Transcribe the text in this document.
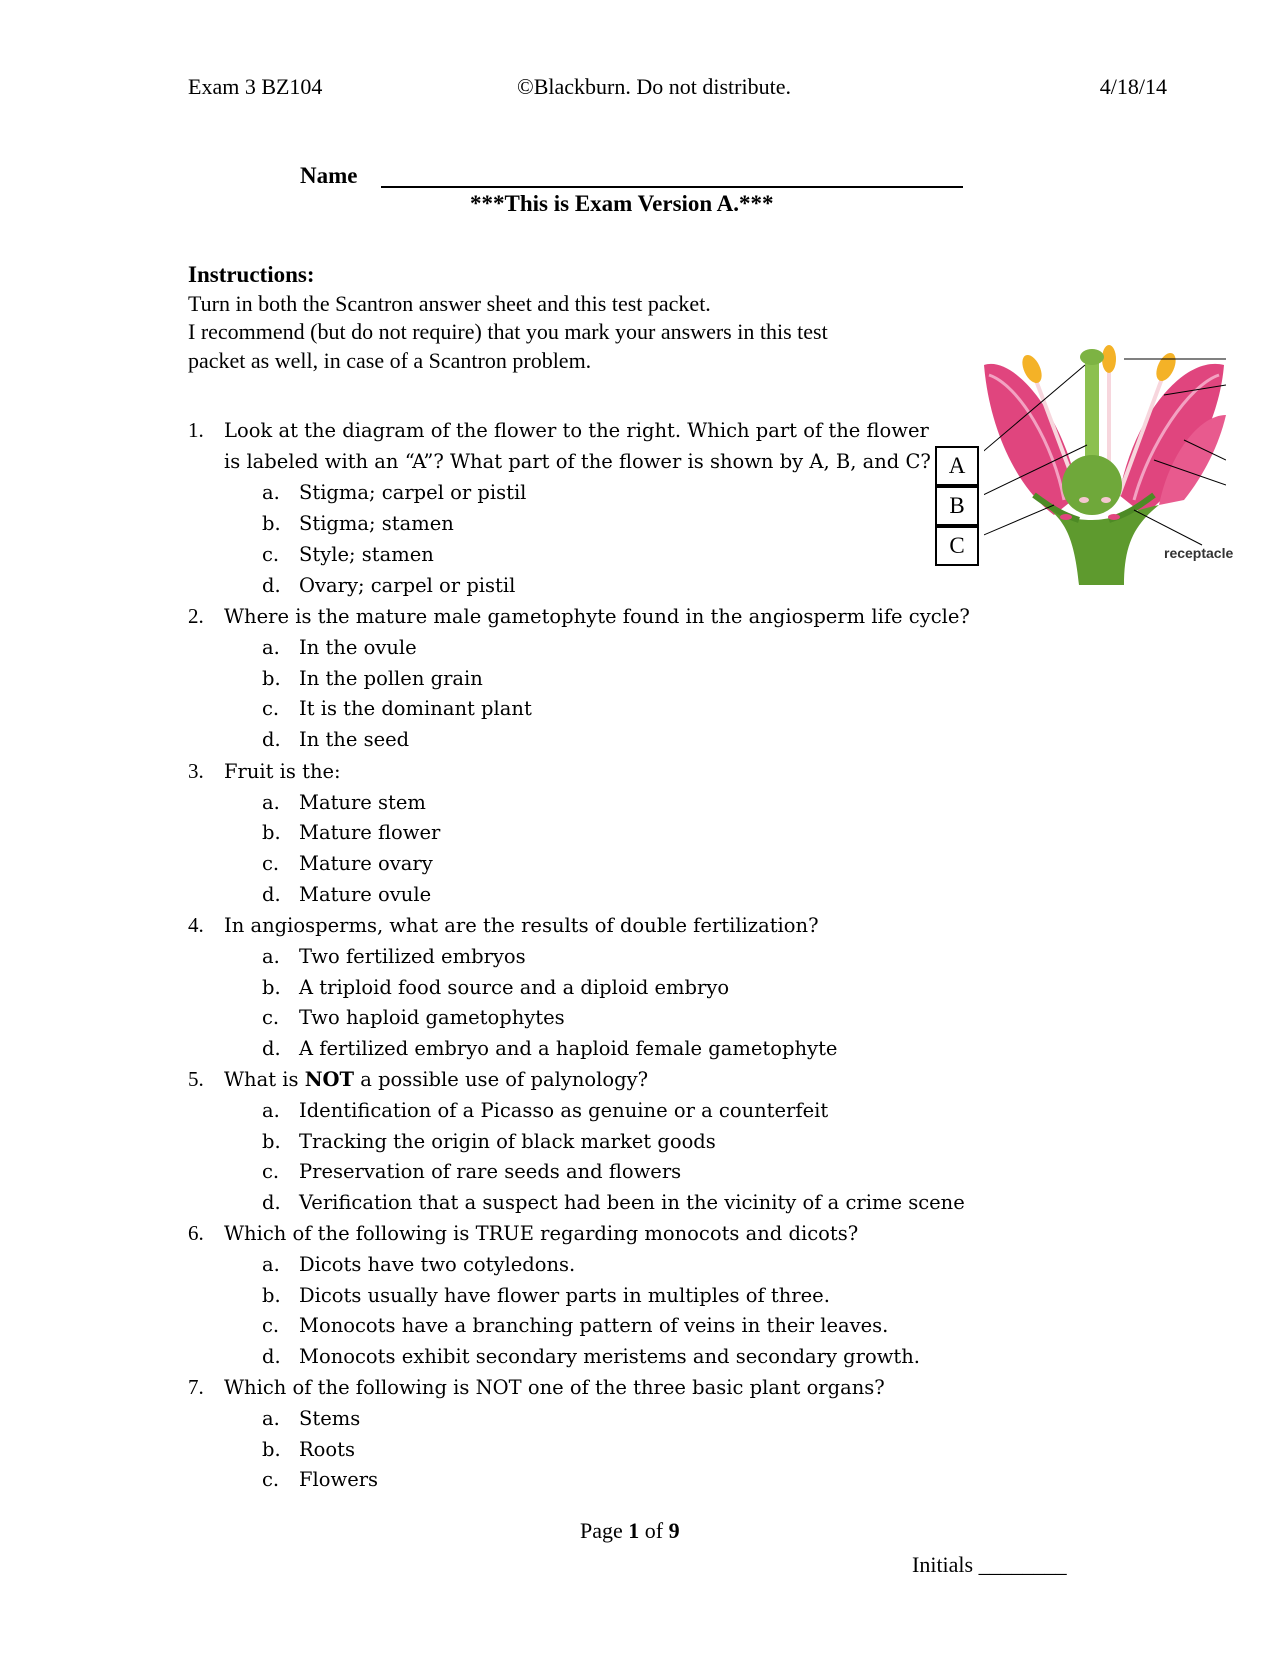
Exam 3 BZ104	©Blackburn. Do not distribute.	4/18/14
Name
***This is Exam Version A.***
Instructions:
Turn in both the Scantron answer sheet and this test packet.
I recommend (but do not require) that you mark your answers in this test
packet as well, in case of a Scantron problem.
receptacle
A
B
C
1. Look at the diagram of the flower to the right. Which part of the flower
is labeled with an “A”? What part of the flower is shown by A, B, and C?
a. Stigma; carpel or pistil
b. Stigma; stamen
c. Style; stamen
d. Ovary; carpel or pistil
2. Where is the mature male gametophyte found in the angiosperm life cycle?
a. In the ovule
b. In the pollen grain
c. It is the dominant plant
d. In the seed
3. Fruit is the:
a. Mature stem
b. Mature flower
c. Mature ovary
d. Mature ovule
4. In angiosperms, what are the results of double fertilization?
a. Two fertilized embryos
b. A triploid food source and a diploid embryo
c. Two haploid gametophytes
d. A fertilized embryo and a haploid female gametophyte
5. What is NOT a possible use of palynology?
a. Identification of a Picasso as genuine or a counterfeit
b. Tracking the origin of black market goods
c. Preservation of rare seeds and flowers
d. Verification that a suspect had been in the vicinity of a crime scene
6. Which of the following is TRUE regarding monocots and dicots?
a. Dicots have two cotyledons.
b. Dicots usually have flower parts in multiples of three.
c. Monocots have a branching pattern of veins in their leaves.
d. Monocots exhibit secondary meristems and secondary growth.
7. Which of the following is NOT one of the three basic plant organs?
a. Stems
b. Roots
c. Flowers
Page 1 of 9
Initials ________
